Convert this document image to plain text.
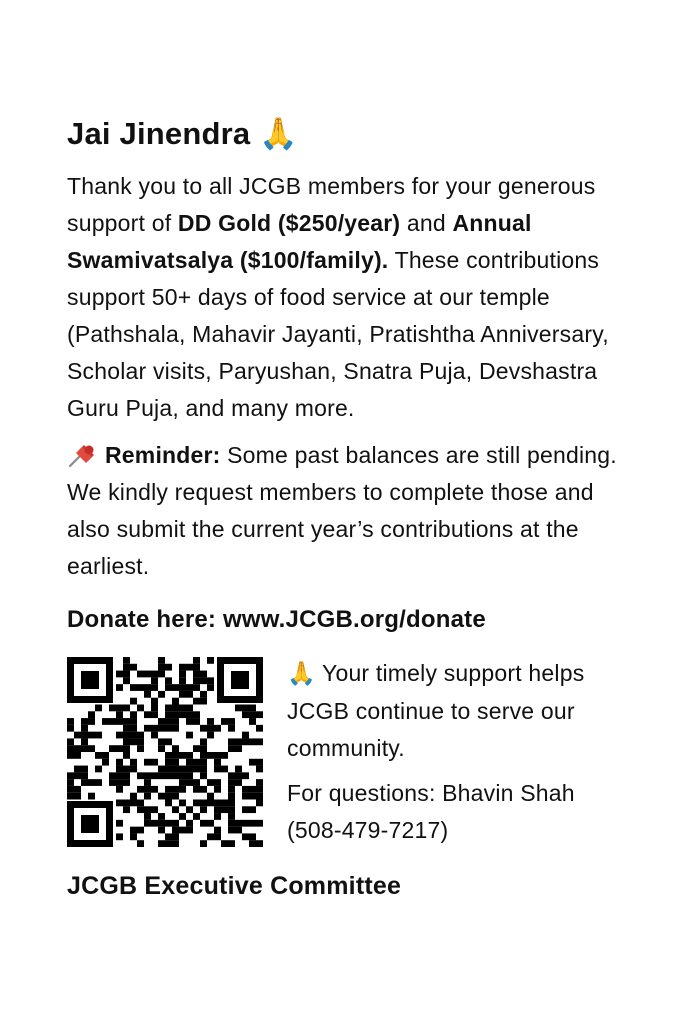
Jai Jinendra 🙏

Thank you to all JCGB members for your generous support of DD Gold ($250/year) and Annual Swamivatsalya ($100/family). These contributions support 50+ days of food service at our temple (Pathshala, Mahavir Jayanti, Pratishtha Anniversary, Scholar visits, Paryushan, Snatra Puja, Devshastra Guru Puja, and many more.

Reminder: Some past balances are still pending. We kindly request members to complete those and also submit the current year’s contributions at the earliest.

Donate here: www.JCGB.org/donate

🙏 Your timely support helps JCGB continue to serve our community.

For questions: Bhavin Shah (508-479-7217)

JCGB Executive Committee
